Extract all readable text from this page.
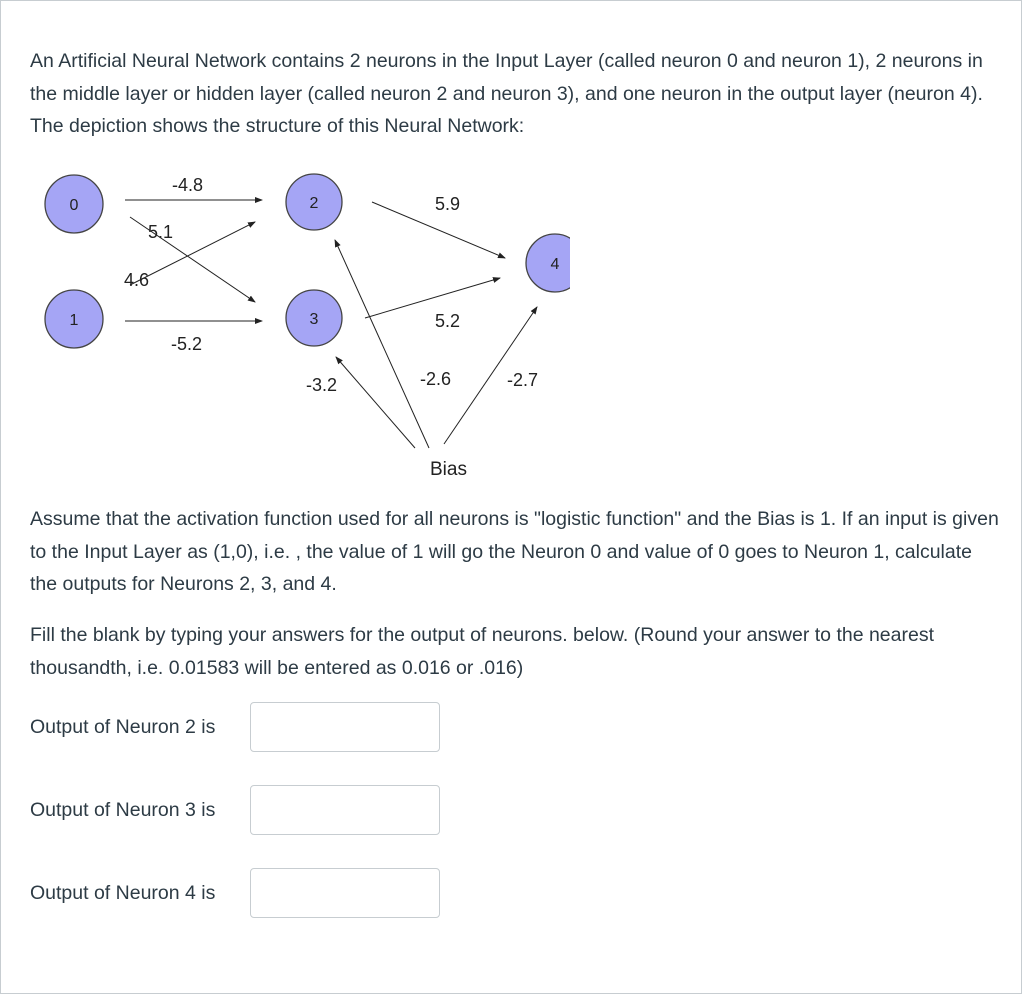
An Artificial Neural Network contains 2 neurons in the Input Layer (called neuron 0 and neuron 1), 2 neurons in the middle layer or hidden layer (called neuron 2 and neuron 3), and one neuron in the output layer (neuron 4). The depiction shows the structure of this Neural Network:

0
1
2
3
4
-4.8
5.1
4.6
-5.2
5.9
5.2
-3.2	-2.6	-2.7
Bias

Assume that the activation function used for all neurons is "logistic function" and the Bias is 1. If an input is given to the Input Layer as (1,0), i.e. , the value of 1 will go the Neuron 0 and value of 0 goes to Neuron 1, calculate the outputs for Neurons 2, 3, and 4.

Fill the blank by typing your answers for the output of neurons. below. (Round your answer to the nearest thousandth, i.e. 0.01583 will be entered as 0.016 or .016)

Output of Neuron 2 is
Output of Neuron 3 is
Output of Neuron 4 is
